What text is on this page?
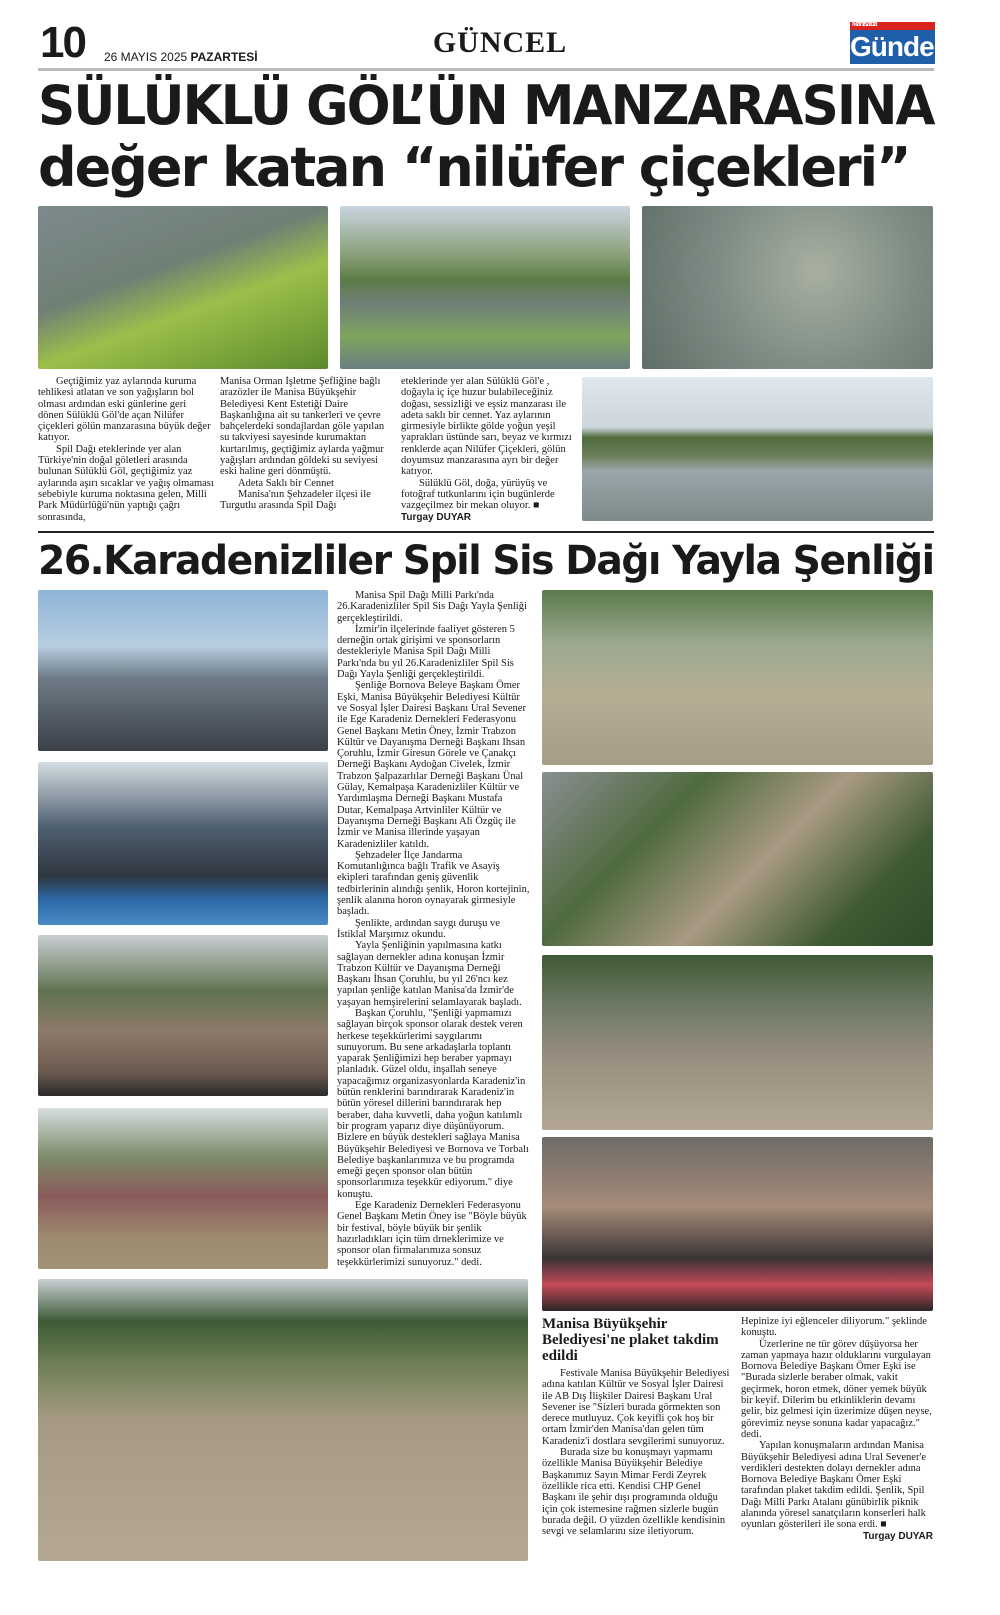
10 26 MAYIS 2025 PAZARTESİ	GÜNCEL
Manisa'da
Gündem
SÜLÜKLÜ GÖL’ÜN MANZARASINA
değer katan “nilüfer çiçekleri”

Geçtiğimiz yaz aylarında kuruma tehlikesi atlatan ve son yağışların bol olması ardından eski günlerine geri dönen Sülüklü Göl'de açan Nilüfer çiçekleri gölün manzarasına büyük değer katıyor.

Spil Dağı eteklerinde yer alan Türkiye'nin doğal göletleri arasında bulunan Sülüklü Göl, geçtiğimiz yaz aylarında aşırı sıcaklar ve yağış olmaması sebebiyle kuruma noktasına gelen, Milli Park Müdürlüğü'nün yaptığı çağrı sonrasında,

Manisa Orman İşletme Şefliğine bağlı arazözler ile Manisa Büyükşehir Belediyesi Kent Estetiği Daire Başkanlığına ait su tankerleri ve çevre bahçelerdeki sondajlardan göle yapılan su takviyesi sayesinde kurumaktan kurtarılmış, geçtiğimiz aylarda yağmur yağışları ardından göldeki su seviyesi eski haline geri dönmüştü.

Adeta Saklı bir Cennet

Manisa'nın Şehzadeler ilçesi ile Turgutlu arasında Spil Dağı

eteklerinde yer alan Sülüklü Göl'e , doğayla iç içe huzur bulabileceğiniz doğası, sessizliği ve eşsiz manzarası ile adeta saklı bir cennet. Yaz aylarının girmesiyle birlikte gölde yoğun yeşil yaprakları üstünde sarı, beyaz ve kırmızı renklerde açan Nilüfer Çiçekleri, gölün doyumsuz manzarasına ayrı bir değer katıyor.

Sülüklü Göl, doğa, yürüyüş ve fotoğraf tutkunlarını için bugünlerde vazgeçilmez bir mekan oluyor. ■

Turgay DUYAR

26.Karadenizliler Spil Sis Dağı Yayla Şenliği

Manisa Spil Dağı Milli Parkı'nda 26.Karadenizliler Spil Sis Dağı Yayla Şenliği gerçekleştirildi.

İzmir'in ilçelerinde faaliyet gösteren 5 derneğin ortak girişimi ve sponsorların destekleriyle Manisa Spil Dağı Milli Parkı'nda bu yıl 26.Karadenizliler Spil Sis Dağı Yayla Şenliği gerçekleştirildi.

Şenliğe Bornova Beleye Başkanı Ömer Eşki, Manisa Büyükşehir Belediyesi Kültür ve Sosyal İşler Dairesi Başkanı Ural Sevener ile Ege Karadeniz Dernekleri Federasyonu Genel Başkanı Metin Öney, İzmir Trabzon Kültür ve Dayanışma Derneği Başkanı Ihsan Çoruhlu, İzmir Giresun Görele ve Çanakçı Derneği Başkanı Aydoğan Civelek, İzmir Trabzon Şalpazarlılar Derneği Başkanı Ünal Gülay, Kemalpaşa Karadenizliler Kültür ve Yardımlaşma Derneği Başkanı Mustafa Dutar, Kemalpaşa Artvinliler Kültür ve Dayanışma Derneği Başkanı Ali Özgüç ile İzmir ve Manisa illerinde yaşayan Karadenizliler katıldı.

Şehzadeler İlçe Jandarma Komutanlığınca bağlı Trafik ve Asayiş ekipleri tarafından geniş güvenlik tedbirlerinin alındığı şenlik, Horon kortejinin, şenlik alanına horon oynayarak girmesiyle başladı.

Şenlikte, ardından saygı duruşu ve İstiklal Marşımız okundu.

Yayla Şenliğinin yapılmasına katkı sağlayan dernekler adına konuşan İzmir Trabzon Kültür ve Dayanışma Derneği Başkanı İhsan Çoruhlu, bu yıl 26'ncı kez yapılan şenliğe katılan Manisa'da İzmir'de yaşayan hemşirelerini selamlayarak başladı.

Başkan Çoruhlu, "Şenliği yapmamızı sağlayan birçok sponsor olarak destek veren herkese teşekkürlerimi saygılarımı sunuyorum. Bu sene arkadaşlarla toplantı yaparak Şenliğimizi hep beraber yapmayı planladık. Güzel oldu, inşallah seneye yapacağımız organizasyonlarda Karadeniz'in bütün renklerini barındırarak Karadeniz'in bütün yöresel dillerini barındırarak hep beraber, daha kuvvetli, daha yoğun katılımlı bir program yaparız diye düşünüyorum. Bizlere en büyük destekleri sağlaya Manisa Büyükşehir Belediyesi ve Bornova ve Torbalı Belediye başkanlarımıza ve bu programda emeği geçen sponsor olan bütün sponsorlarımıza teşekkür ediyorum." diye konuştu.

Ege Karadeniz Dernekleri Federasyonu Genel Başkanı Metin Öney ise "Böyle büyük bir festival, böyle büyük bir şenlik hazırladıkları için tüm drneklerimize ve sponsor olan firmalarımıza sonsuz teşekkürlerimizi sunuyoruz." dedi.

Manisa Büyükşehir Belediyesi'ne plaket takdim edildi

Festivale Manisa Büyükşehir Belediyesi adına katılan Kültür ve Sosyal İşler Dairesi ile AB Dış İlişkiler Dairesi Başkanı Ural Sevener ise "Sizleri burada görmekten son derece mutluyuz. Çok keyifli çok hoş bir ortam İzmir'den Manisa'dan gelen tüm Karadeniz'i dostlara sevgilerimi sunuyoruz.

Burada size bu konuşmayı yapmamı özellikle Manisa Büyükşehir Belediye Başkanımız Sayın Mimar Ferdi Zeyrek özellikle rica etti. Kendisi CHP Genel Başkanı ile şehir dışı programında olduğu için çok istemesine rağmen sizlerle bugün burada değil. O yüzden özellikle kendisinin sevgi ve selamlarını size iletiyorum.

Hepinize iyi eğlenceler diliyorum." şeklinde konuştu.

Üzerlerine ne tür görev düşüyorsa her zaman yapmaya hazır olduklarını vurgulayan Bornova Belediye Başkanı Ömer Eşki ise "Burada sizlerle beraber olmak, vakit geçirmek, horon etmek, döner yemek büyük bir keyif. Dilerim bu etkinliklerin devamı gelir, biz gelmesi için üzerimize düşen neyse, görevimiz neyse sonuna kadar yapacağız." dedi.

Yapılan konuşmaların ardından Manisa Büyükşehir Belediyesi adına Ural Sevener'e verdikleri destekten dolayı dernekler adına Bornova Belediye Başkanı Ömer Eşki tarafından plaket takdim edildi. Şenlik, Spil Dağı Milli Parkı Atalanı günübirlik piknik alanında yöresel sanatçıların konserleri halk oyunları gösterileri ile sona erdi. ■

Turgay DUYAR
